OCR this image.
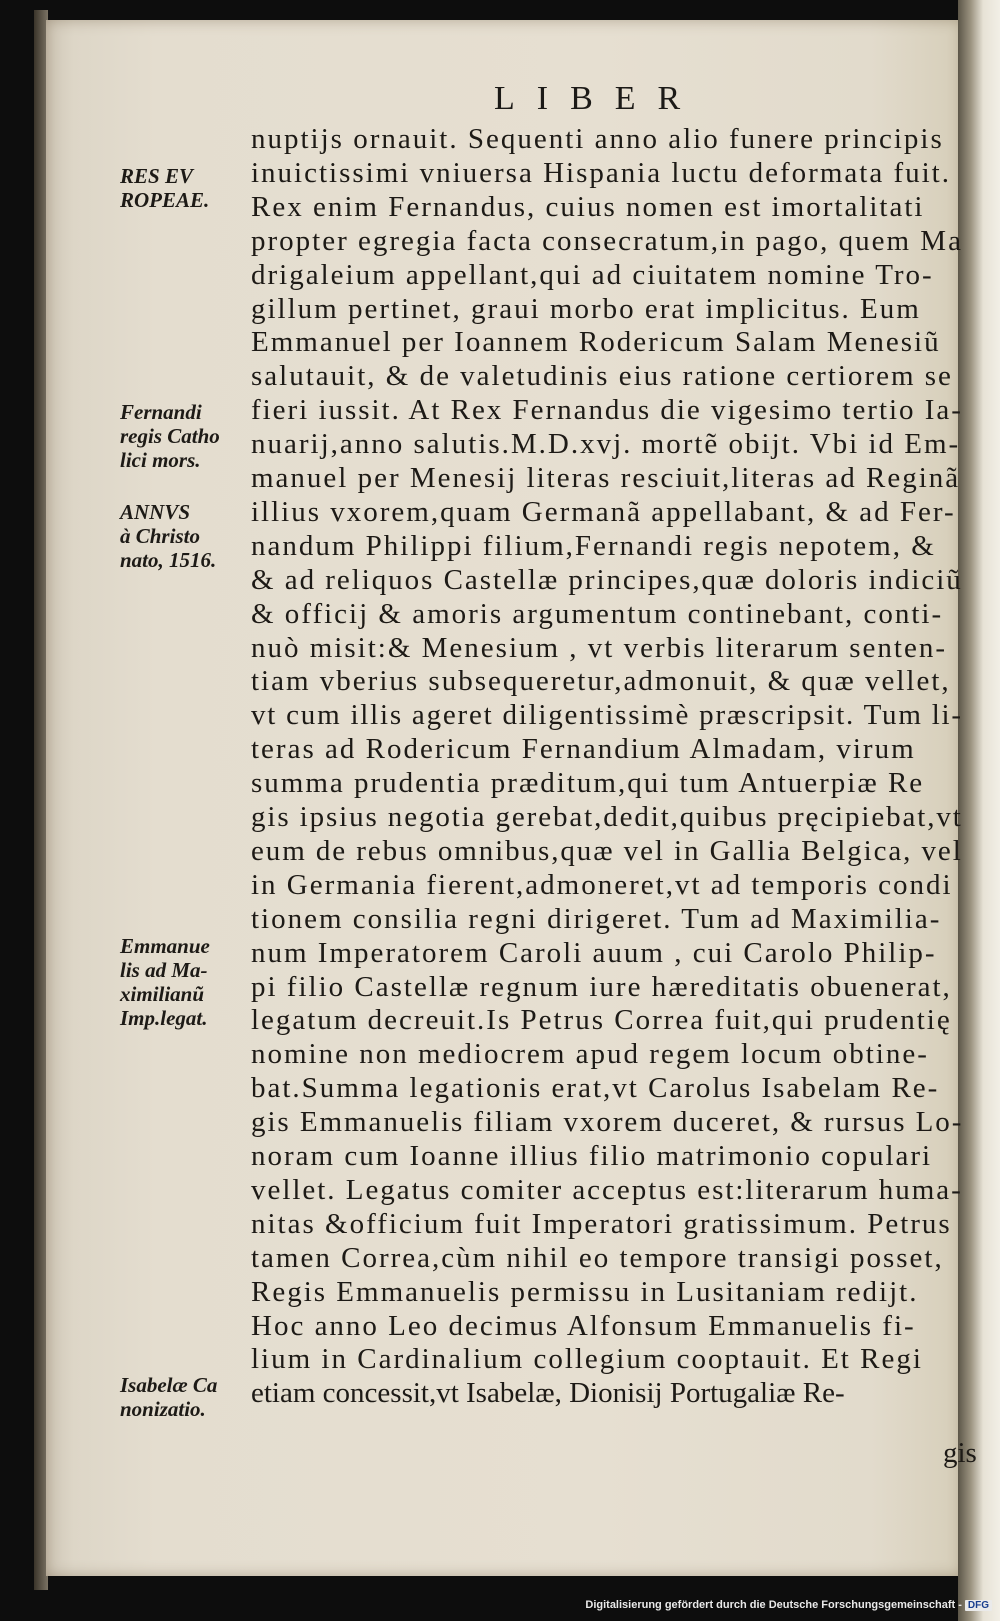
LIBER
nuptijs ornauit. Sequenti anno alio funere principis
inuictissimi vniuersa Hispania luctu deformata fuit.
Rex enim Fernandus, cuius nomen est imortalitati
propter egregia facta consecratum,in pago, quem Ma
drigaleium appellant,qui ad ciuitatem nomine Tro-
gillum pertinet, graui morbo erat implicitus. Eum
Emmanuel per Ioannem Rodericum Salam Menesiũ
salutauit, & de valetudinis eius ratione certiorem se
fieri iussit. At Rex Fernandus die vigesimo tertio Ia-
nuarij,anno salutis.M.D.xvj. mortẽ obijt. Vbi id Em-
manuel per Menesij literas resciuit,literas ad Reginã
illius vxorem,quam Germanã appellabant, & ad Fer-
nandum Philippi filium,Fernandi regis nepotem, &
& ad reliquos Castellæ principes,quæ doloris indiciũ
& officij & amoris argumentum continebant, conti-
nuò misit:& Menesium , vt verbis literarum senten-
tiam vberius subsequeretur,admonuit, & quæ vellet,
vt cum illis ageret diligentissimè præscripsit. Tum li-
teras ad Rodericum Fernandium Almadam, virum
summa prudentia præditum,qui tum Antuerpiæ Re
gis ipsius negotia gerebat,dedit,quibus pręcipiebat,vt
eum de rebus omnibus,quæ vel in Gallia Belgica, vel
in Germania fierent,admoneret,vt ad temporis condi
tionem consilia regni dirigeret. Tum ad Maximilia-
num Imperatorem Caroli auum , cui Carolo Philip-
pi filio Castellæ regnum iure hæreditatis obuenerat,
legatum decreuit.Is Petrus Correa fuit,qui prudentię
nomine non mediocrem apud regem locum obtine-
bat.Summa legationis erat,vt Carolus Isabelam Re-
gis Emmanuelis filiam vxorem duceret, & rursus Lo-
noram cum Ioanne illius filio matrimonio copulari
vellet. Legatus comiter acceptus est:literarum huma-
nitas &officium fuit Imperatori gratissimum. Petrus
tamen Correa,cùm nihil eo tempore transigi posset,
Regis Emmanuelis permissu in Lusitaniam redijt.
Hoc anno Leo decimus Alfonsum Emmanuelis fi-
lium in Cardinalium collegium cooptauit. Et Regi
etiam concessit,vt Isabelæ, Dionisij Portugaliæ Re-
RES EV
ROPEAE.
Fernandi
regis Catho
lici mors.
ANNVS
à Christo
nato, 1516.
Emmanue
lis ad Ma-
ximilianũ
Imp.legat.
Isabelæ Ca
nonizatio.
gis
Digitalisierung gefördert durch die Deutsche Forschungsgemeinschaft - DFG
